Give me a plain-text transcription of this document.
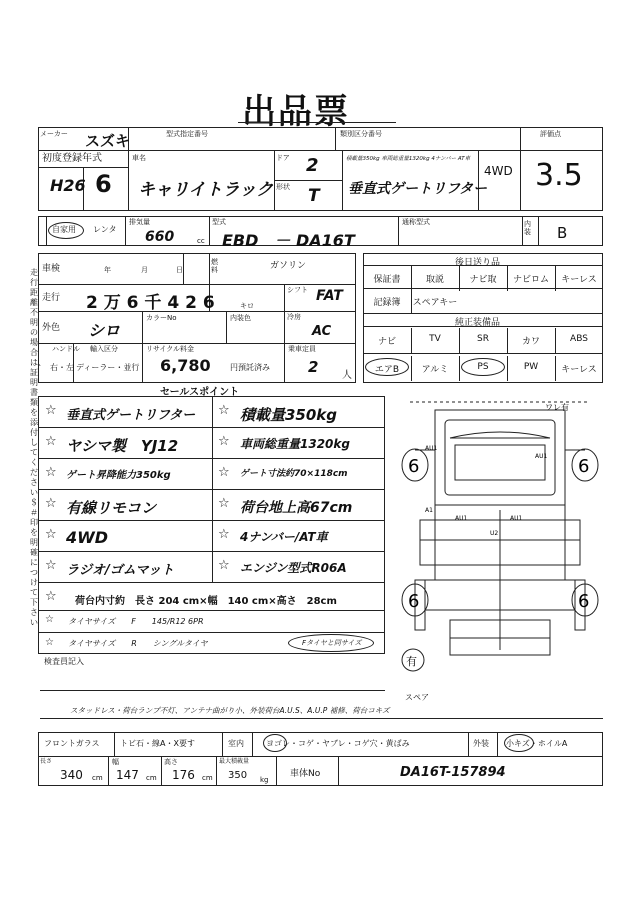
出品票
メーカー スズキ	型式指定番号	類別区分番号	評価点
初度登録年式
H26 6
車名
キャリイトラック
ドア 2
形状 T
積載量350kg 車両総重量1320kg 4ナンバー AT車
垂直式ゲートリフター
4WD 3.5
自家用 レンタ
排気量
660	cc
型式
EBD　－ DA16T
通称型式	内装 B
走行距離不明の場合は、証明書類を添付してください ＄ ＃ 印を明確につけて下さい
車検	年	月	日
燃料	ガソリン
走行 2 万 6 千 4 2 6	キロ
シフト FAT
外色 シロ
カラーNo	内装色	冷房
AC
ハンドル
右・左
輸入区分
ディーラー・並行
リサイクル料金
6,780 円預託済み
乗車定員
2 人
後日送り品
純正装備品
保証書	取説	ナビ取	ナビロム	キーレス
記録簿	スペアキー
ナビ	TV	SR	カワ	ABS
エアB	アルミ	PS	PW	キーレス
セールスポイント
☆ 垂直式ゲートリフター ☆ 積載量350kg
☆ ヤシマ製　YJ12	☆ 車両総重量1320kg
☆ ゲート昇降能力350kg	☆ ゲート寸法約70×118cm
☆ 有線リモコン	☆ 荷台地上高67cm
☆ 4WD	☆ 4ナンバー/AT車
☆ ラジオ/ゴムマット	☆ エンジン型式R06A
☆ 荷台内寸約　長さ 204 cm×幅　140 cm×高さ　28cm
☆ タイヤサイズ　　F　　145/R12 6PR
☆ タイヤサイズ　　R　　シングルタイヤ	Fタイヤと同サイズ
検査員記入
6	6
6	6
ワレ有
AU1
AU1
A1
AU1	AU1
U2
有
スペア
スタッドレス・荷台ランプ不灯、アンテナ曲がり小、外装荷台A.U.S、A.U.P 補修、荷台コキズ
フロントガラス	トビ石・線A・X要す	室内	ヨゴレ・コゲ・ヤブレ・コゲ穴・黄ばみ	外装 小キズ・ホイルA
長さ
340 cm
幅
147 cm
高さ
176 cm
最大積載量
350 kg
車体No	DA16T-157894
